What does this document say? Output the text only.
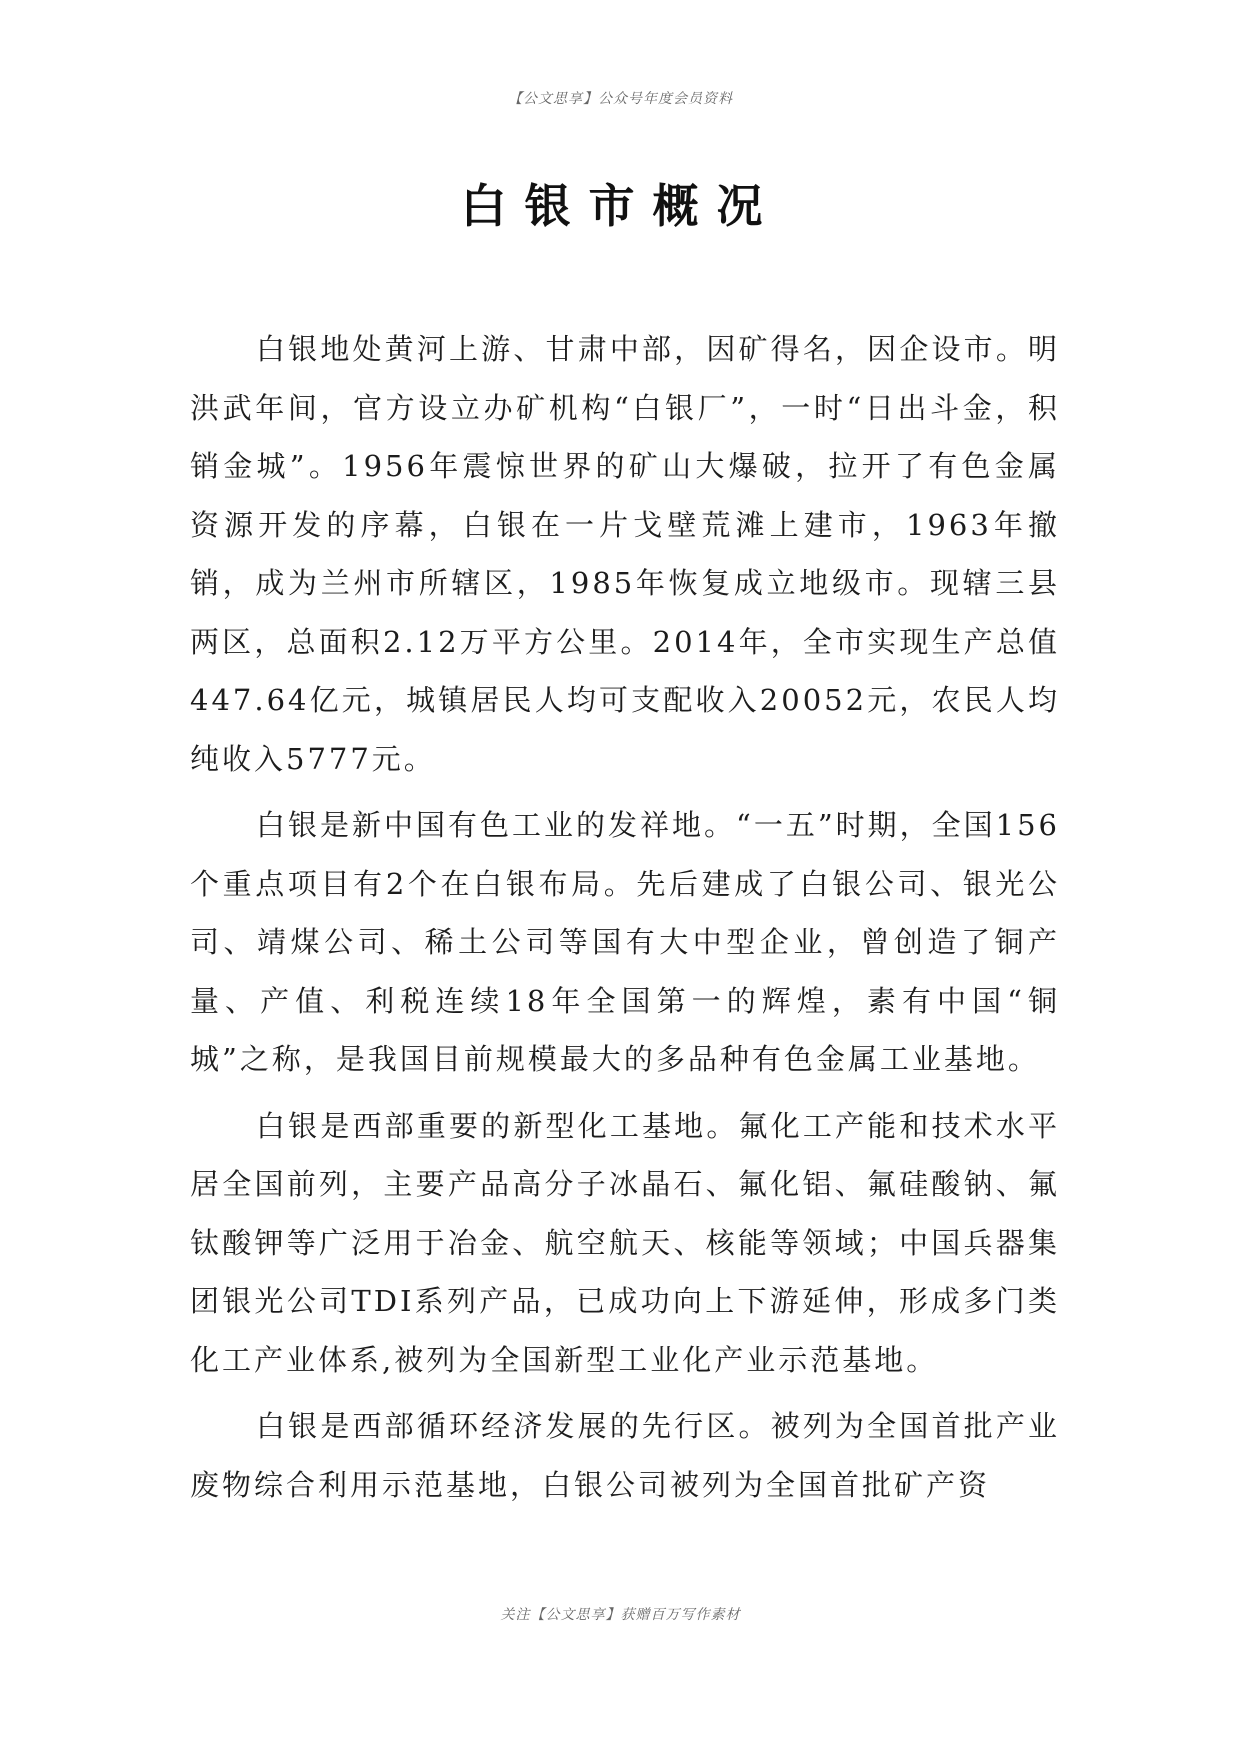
【公文思享】公众号年度会员资料
白银市概况

白银地处黄河上游、甘肃中部，因矿得名，因企设市。明洪武年间，官方设立办矿机构“白银厂”，一时“日出斗金，积销金城”。1956年震惊世界的矿山大爆破，拉开了有色金属资源开发的序幕，白银在一片戈壁荒滩上建市，1963年撤销，成为兰州市所辖区，1985年恢复成立地级市。现辖三县两区，总面积2.12万平方公里。2014年，全市实现生产总值447.64亿元，城镇居民人均可支配收入20052元，农民人均纯收入5777元。

白银是新中国有色工业的发祥地。“一五”时期，全国156个重点项目有2个在白银布局。先后建成了白银公司、银光公司、靖煤公司、稀土公司等国有大中型企业，曾创造了铜产量、产值、利税连续18年全国第一的辉煌，素有中国“铜城”之称，是我国目前规模最大的多品种有色金属工业基地。

白银是西部重要的新型化工基地。氟化工产能和技术水平居全国前列，主要产品高分子冰晶石、氟化铝、氟硅酸钠、氟钛酸钾等广泛用于冶金、航空航天、核能等领域；中国兵器集团银光公司TDI系列产品，已成功向上下游延伸，形成多门类化工产业体系,被列为全国新型工业化产业示范基地。

白银是西部循环经济发展的先行区。被列为全国首批产业废物综合利用示范基地，白银公司被列为全国首批矿产资

关注【公文思享】获赠百万写作素材
